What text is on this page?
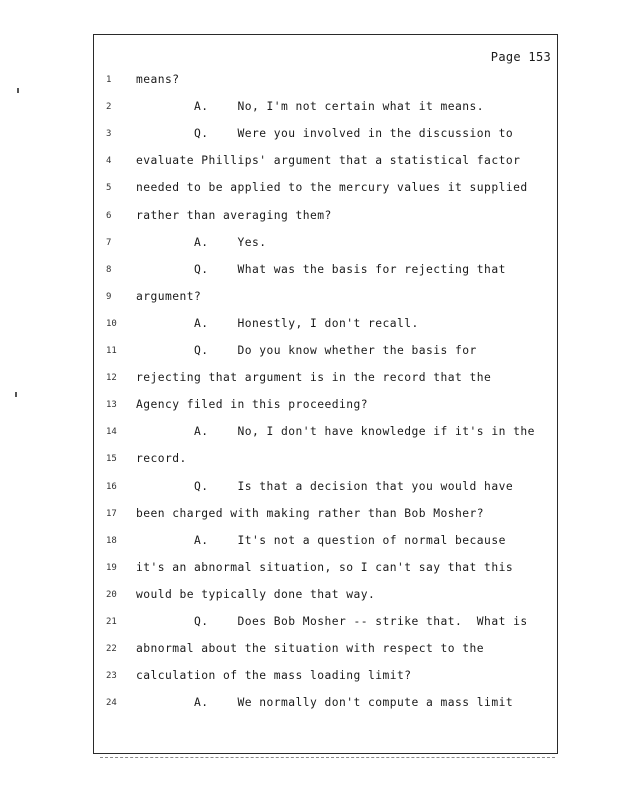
Page 153
1	means?
2	A.    No, I'm not certain what it means.
3	Q.    Were you involved in the discussion to
4	evaluate Phillips' argument that a statistical factor
5	needed to be applied to the mercury values it supplied
6	rather than averaging them?
7	A.    Yes.
8	Q.    What was the basis for rejecting that
9	argument?
10	A.    Honestly, I don't recall.
11	Q.    Do you know whether the basis for
12	rejecting that argument is in the record that the
13	Agency filed in this proceeding?
14	A.    No, I don't have knowledge if it's in the
15	record.
16	Q.    Is that a decision that you would have
17	been charged with making rather than Bob Mosher?
18	A.    It's not a question of normal because
19	it's an abnormal situation, so I can't say that this
20	would be typically done that way.
21	Q.    Does Bob Mosher -- strike that.  What is
22	abnormal about the situation with respect to the
23	calculation of the mass loading limit?
24	A.    We normally don't compute a mass limit
